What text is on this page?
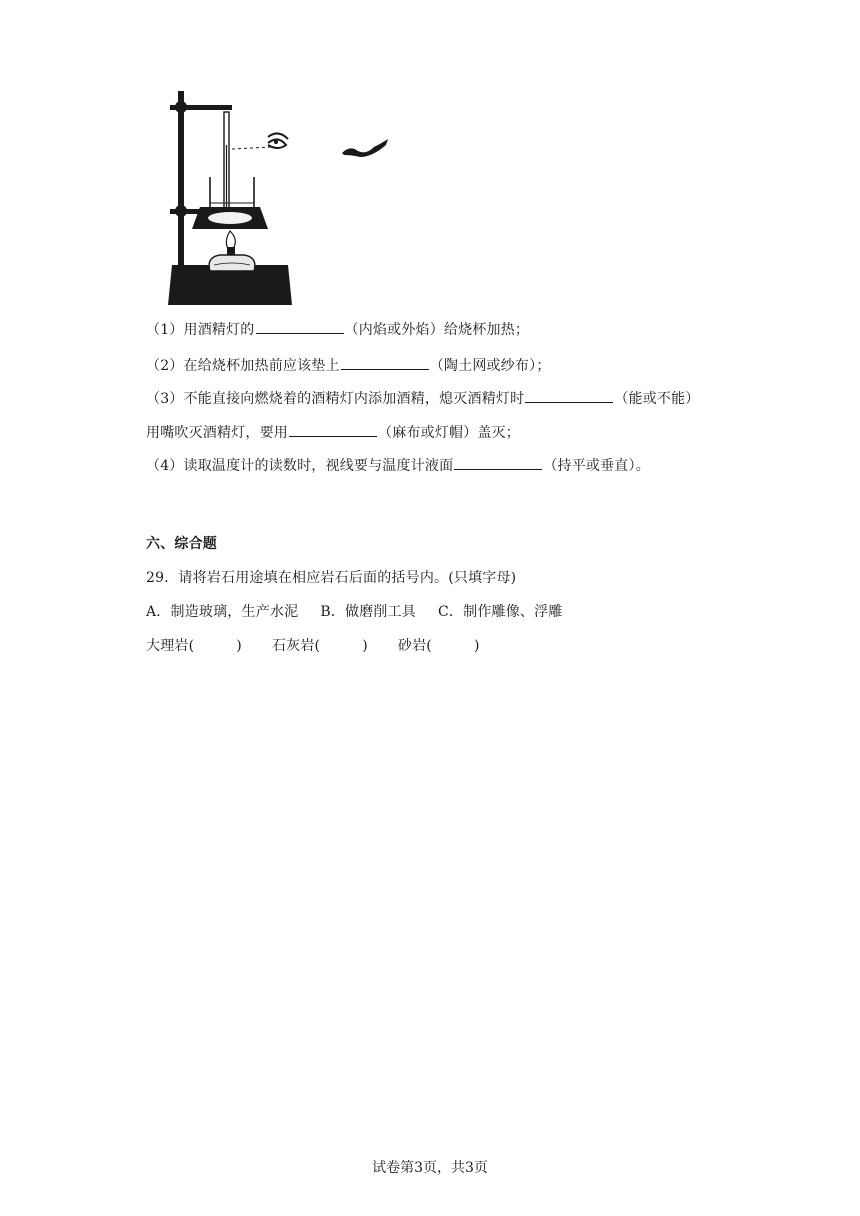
（1）用酒精灯的	（内焰或外焰）给烧杯加热；
（2）在给烧杯加热前应该垫上	（陶土网或纱布）；
（3）不能直接向燃烧着的酒精灯内添加酒精，熄灭酒精灯时	（能或不能）
用嘴吹灭酒精灯，要用	（麻布或灯帽）盖灭；
（4）读取温度计的读数时，视线要与温度计液面	（持平或垂直）。
六、综合题
29．请将岩石用途填在相应岩石后面的括号内。(只填字母)
A．制造玻璃，生产水泥 B．做磨削工具 C．制作雕像、浮雕
大理岩(	) 石灰岩(	) 砂岩(	)
试卷第3页，共3页
